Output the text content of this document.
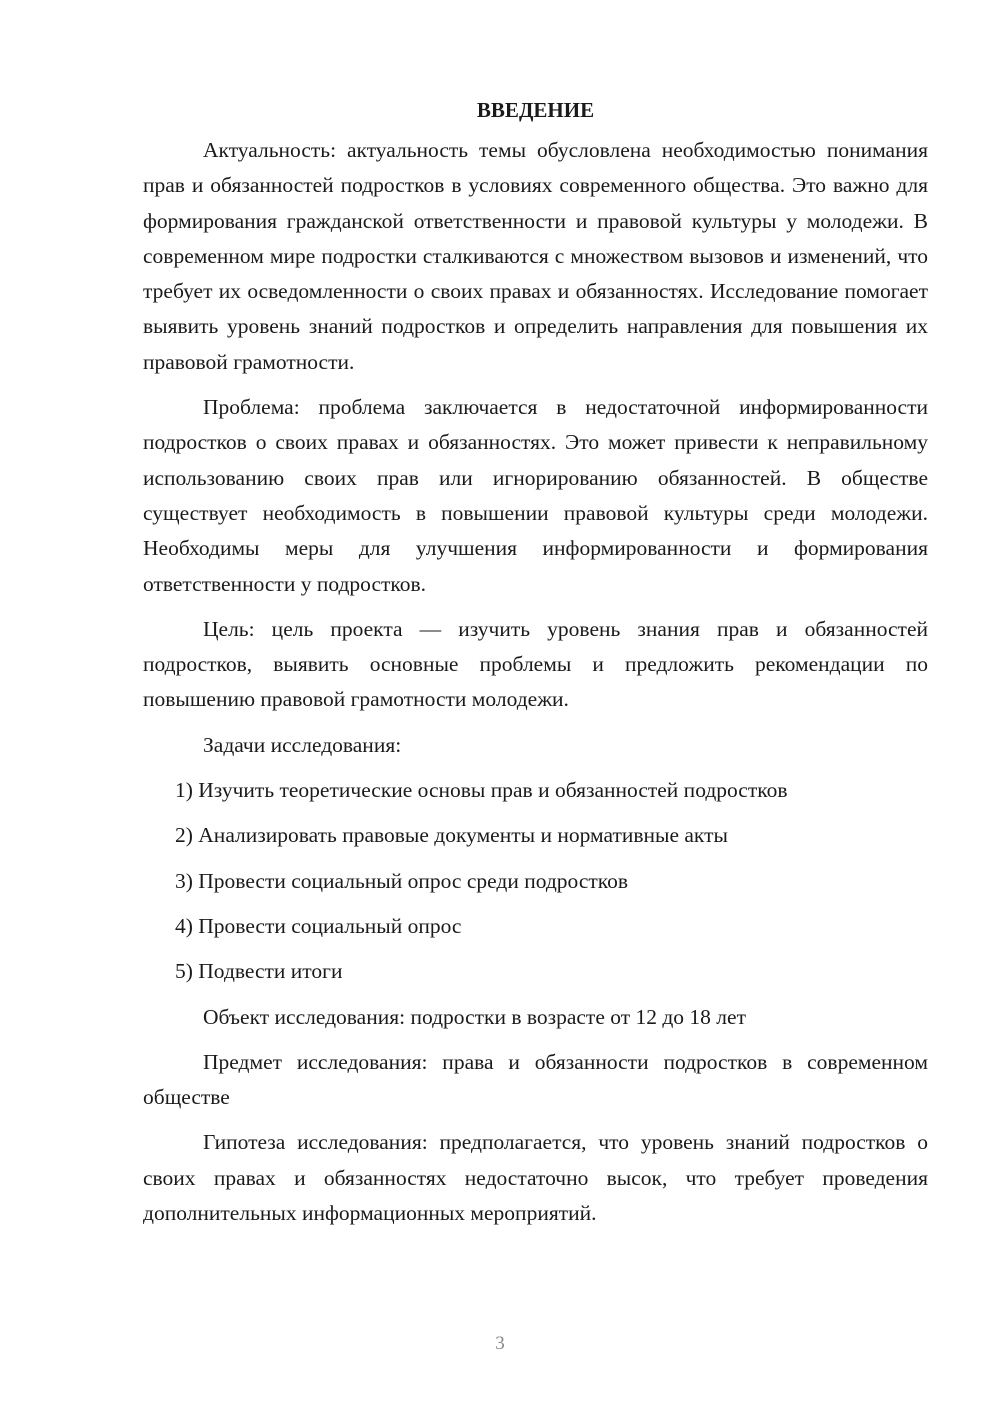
ВВЕДЕНИЕ

Актуальность: актуальность темы обусловлена необходимостью понимания прав и обязанностей подростков в условиях современного общества. Это важно для формирования гражданской ответственности и правовой культуры у молодежи. В современном мире подростки сталкиваются с множеством вызовов и изменений, что требует их осведомленности о своих правах и обязанностях. Исследование помогает выявить уровень знаний подростков и определить направления для повышения их правовой грамотности.

Проблема: проблема заключается в недостаточной информированности подростков о своих правах и обязанностях. Это может привести к неправильному использованию своих прав или игнорированию обязанностей. В обществе существует необходимость в повышении правовой культуры среди молодежи. Необходимы меры для улучшения информированности и формирования ответственности у подростков.

Цель: цель проекта — изучить уровень знания прав и обязанностей подростков, выявить основные проблемы и предложить рекомендации по повышению правовой грамотности молодежи.

Задачи исследования:

1) Изучить теоретические основы прав и обязанностей подростков
2) Анализировать правовые документы и нормативные акты
3) Провести социальный опрос среди подростков
4) Провести социальный опрос
5) Подвести итоги

Объект исследования: подростки в возрасте от 12 до 18 лет

Предмет исследования: права и обязанности подростков в современном обществе

Гипотеза исследования: предполагается, что уровень знаний подростков о своих правах и обязанностях недостаточно высок, что требует проведения дополнительных информационных мероприятий.

3
